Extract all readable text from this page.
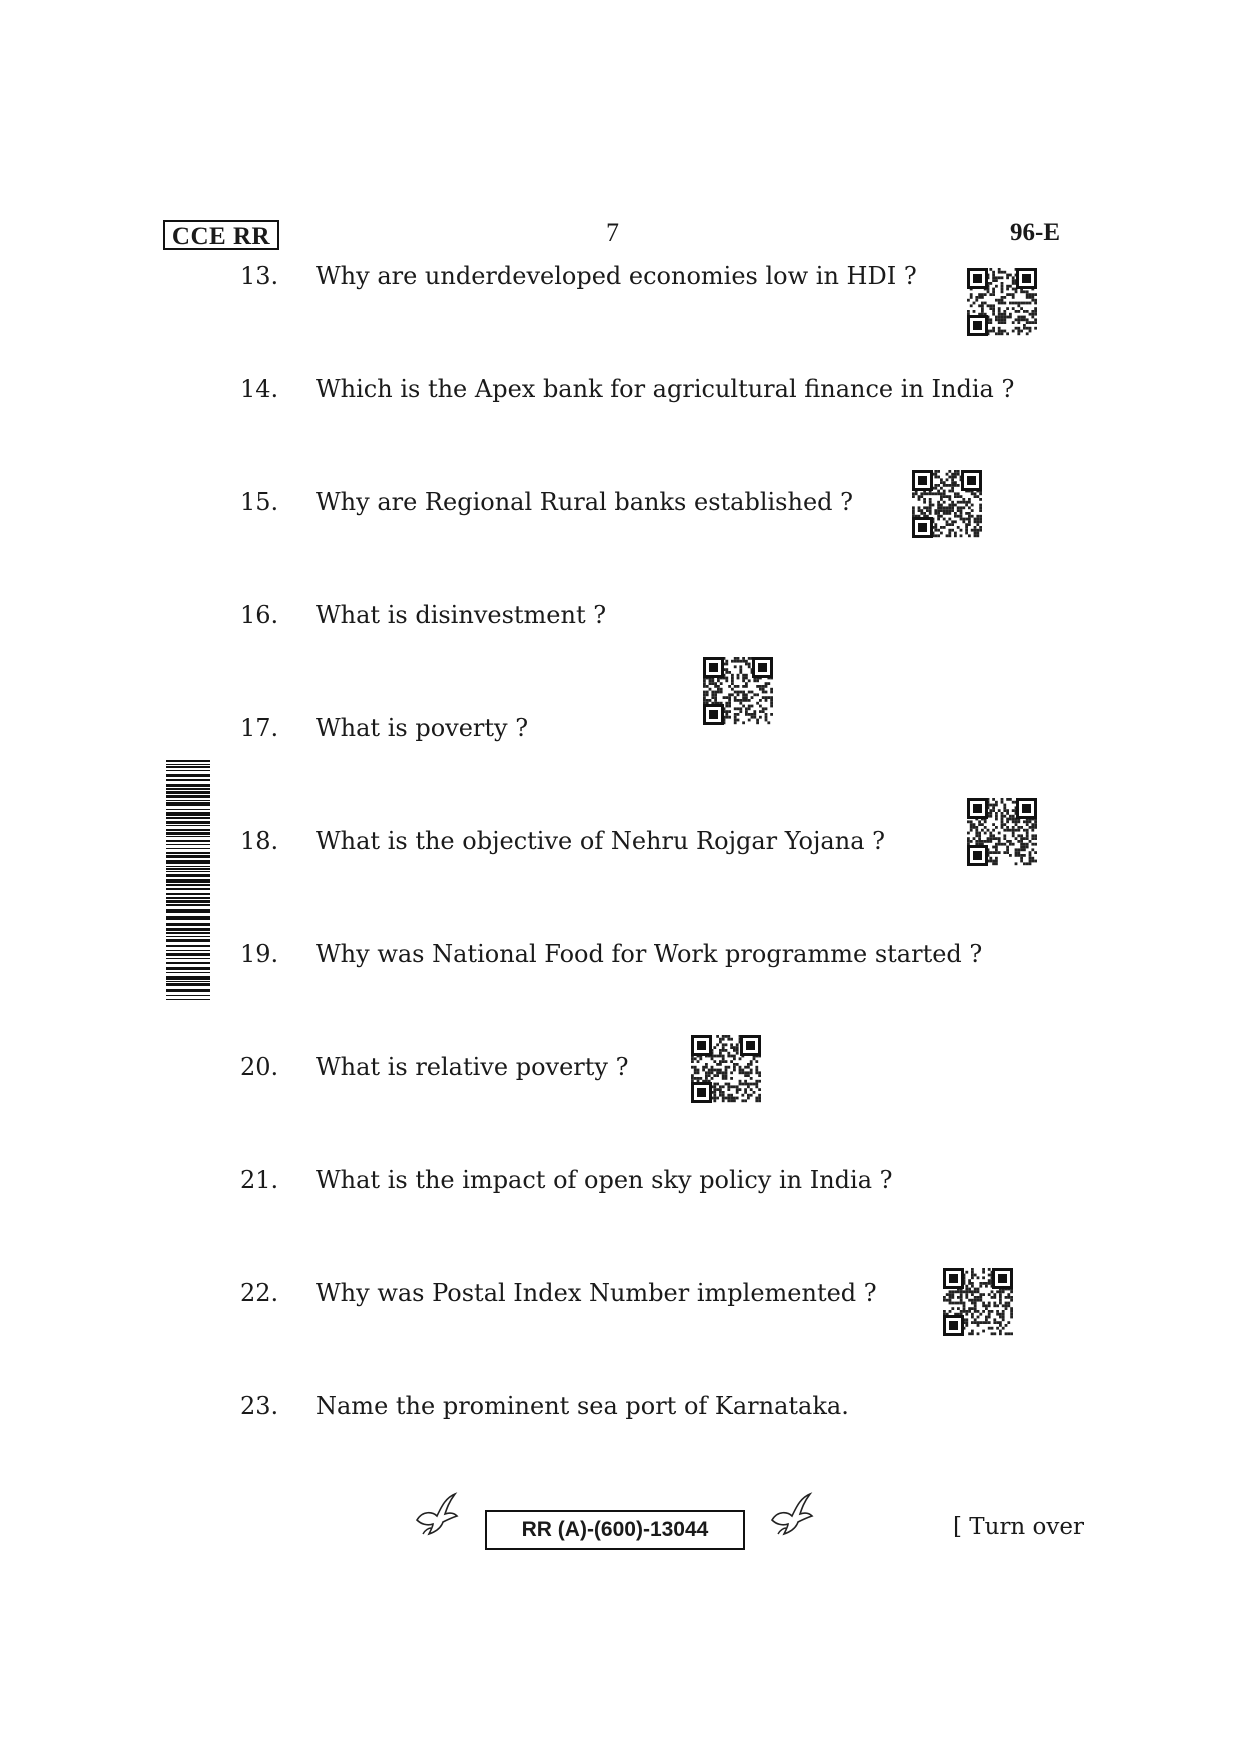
CCE RR	7	96-E
13. Why are underdeveloped economies low in HDI ?
14. Which is the Apex bank for agricultural finance in India ?
15. Why are Regional Rural banks established ?
16. What is disinvestment ?
17. What is poverty ?
18. What is the objective of Nehru Rojgar Yojana ?
19. Why was National Food for Work programme started ?
20. What is relative poverty ?
21. What is the impact of open sky policy in India ?
22. Why was Postal Index Number implemented ?
23. Name the prominent sea port of Karnataka.
RR (A)-(600)-13044	[ Turn over
